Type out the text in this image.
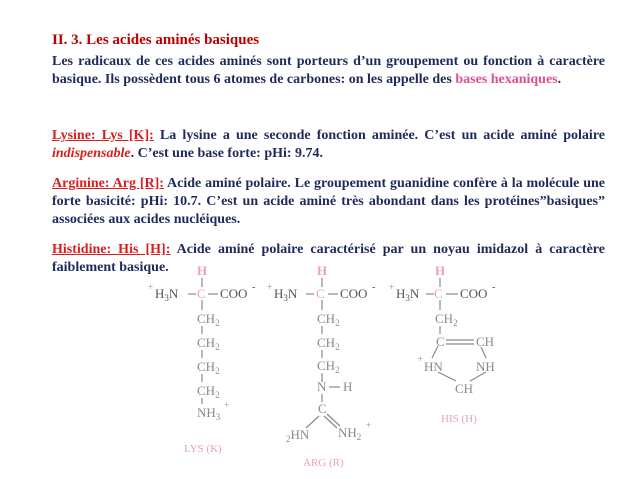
II. 3. Les acides aminés basiques
Les radicaux de ces acides aminés sont porteurs d’un groupement ou fonction à caractère basique. Ils possèdent tous 6 atomes de carbones: on les appelle des bases hexaniques.
Lysine: Lys [K]: La lysine a une seconde fonction aminée. C’est un acide aminé polaire indispensable. C’est une base forte: pHi: 9.74.
Arginine: Arg [R]: Acide aminé polaire. Le groupement guanidine confère à la molécule une forte basicité: pHi: 10.7. C’est un acide aminé très abondant dans les protéines”basiques” associées aux acides nucléiques.
Histidine: His [H]: Acide aminé polaire caractérisé par un noyau imidazol à caractère faiblement basique.	H
+ $H_3N$ C COO -
$CH_2$
$CH_2$
$CH_2$
$CH_2$
$NH_3$
+
LYS (K)
H
+ $H_3N$ C COO -
$CH_2$
$CH_2$
$CH_2$
N H
C
$_2$HN $NH_2$
+
ARG (R)
H
+ $H_3N$ C COO -
$CH_2$
C CH
+ HN	NH
CH
HIS (H)
